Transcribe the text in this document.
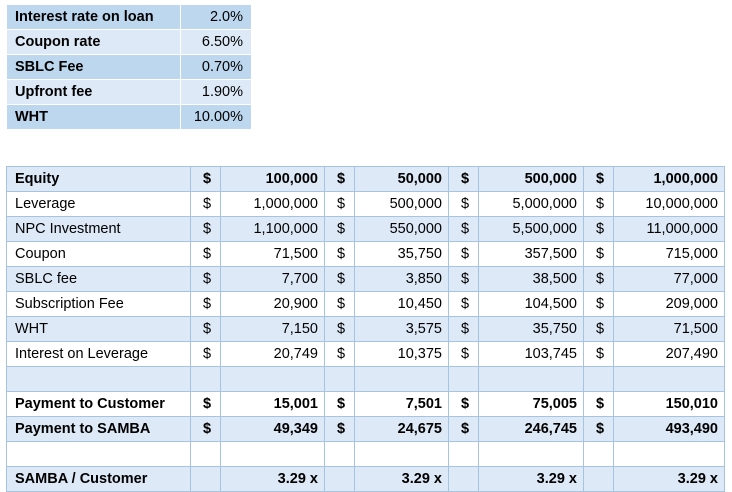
Interest rate on loan	2.0%
Coupon rate	6.50%
SBLC Fee	0.70%
Upfront fee	1.90%
WHT	10.00%
Equity	$	100,000	$	50,000	$	500,000	$	1,000,000
Leverage	$	1,000,000	$	500,000	$	5,000,000	$	10,000,000
NPC Investment	$	1,100,000	$	550,000	$	5,500,000	$	11,000,000
Coupon	$	71,500	$	35,750	$	357,500	$	715,000
SBLC fee	$	7,700	$	3,850	$	38,500	$	77,000
Subscription Fee	$	20,900	$	10,450	$	104,500	$	209,000
WHT	$	7,150	$	3,575	$	35,750	$	71,500
Interest on Leverage	$	20,749	$	10,375	$	103,745	$	207,490

Payment to Customer	$	15,001	$	7,501	$	75,005	$	150,010
Payment to SAMBA	$	49,349	$	24,675	$	246,745	$	493,490

SAMBA / Customer		3.29 x		3.29 x		3.29 x		3.29 x
